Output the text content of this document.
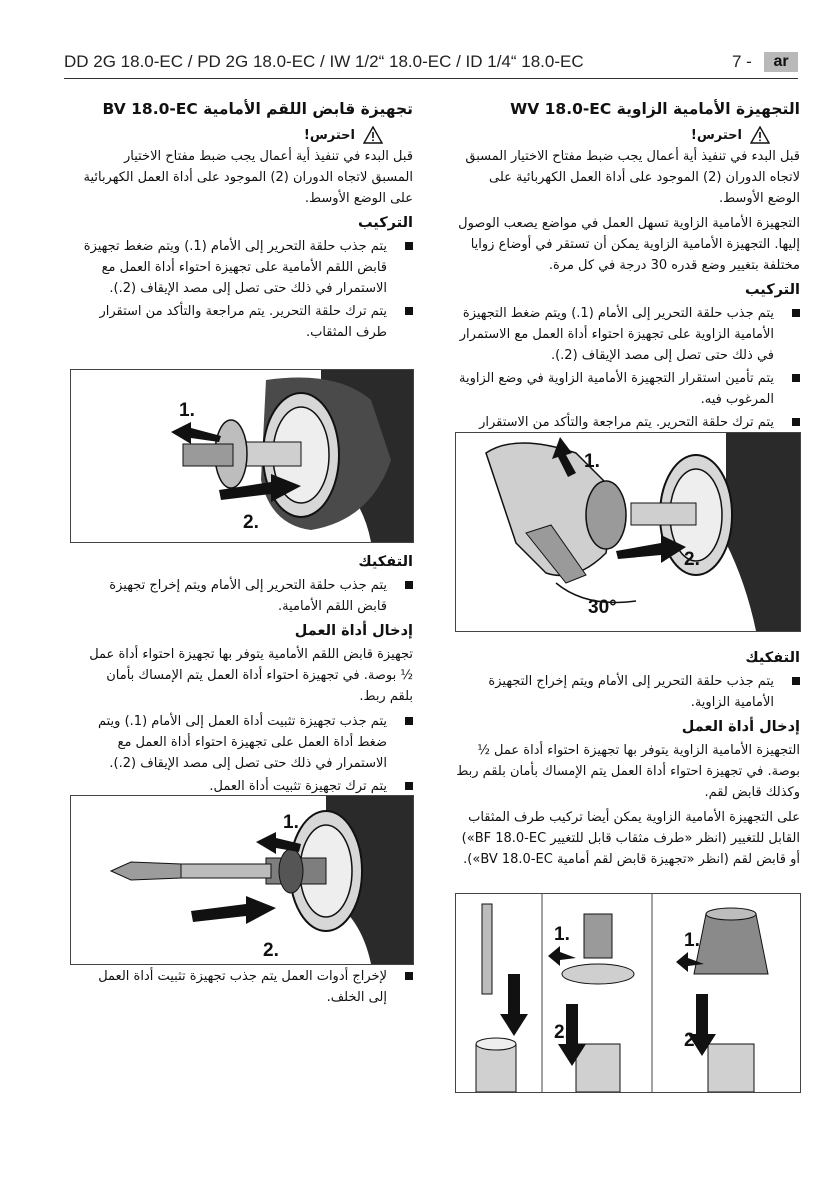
DD 2G 18.0-EC / PD 2G 18.0-EC / IW 1/2“ 18.0-EC / ID 1/4“ 18.0-EC	7 -	ar
تجهيزة قابض اللقم الأمامية BV 18.0-EC
احترس!

قبل البدء في تنفيذ أية أعمال يجب ضبط مفتاح الاختيار المسبق لاتجاه الدوران (2) الموجود على أداة العمل الكهربائية على الوضع الأوسط.

التركيب
يتم جذب حلقة التحرير إلى الأمام (1.) ويتم ضغط تجهيزة قابض اللقم الأمامية على تجهيزة احتواء أداة العمل مع الاستمرار في ذلك حتى تصل إلى مصد الإيقاف (2.).
يتم ترك حلقة التحرير. يتم مراجعة والتأكد من استقرار طرف المثقاب.
1.
2.
التفكيك
يتم جذب حلقة التحرير إلى الأمام ويتم إخراج تجهيزة قابض اللقم الأمامية.
إدخال أداة العمل

تجهيزة قابض اللقم الأمامية يتوفر بها تجهيزة احتواء أداة عمل ½ بوصة. في تجهيزة احتواء أداة العمل يتم الإمساك بأمان بلقم ربط.

يتم جذب تجهيزة تثبيت أداة العمل إلى الأمام (1.) ويتم ضغط أداة العمل على تجهيزة احتواء أداة العمل مع الاستمرار في ذلك حتى تصل إلى مصد الإيقاف (2.).
يتم ترك تجهيزة تثبيت أداة العمل.
1.
2.
لإخراج أدوات العمل يتم جذب تجهيزة تثبيت أداة العمل إلى الخلف.
التجهيزة الأمامية الزاوية WV 18.0-EC
احترس!

قبل البدء في تنفيذ أية أعمال يجب ضبط مفتاح الاختيار المسبق لاتجاه الدوران (2) الموجود على أداة العمل الكهربائية على الوضع الأوسط.

التجهيزة الأمامية الزاوية تسهل العمل في مواضع يصعب الوصول إليها. التجهيزة الأمامية الزاوية يمكن أن تستقر في أوضاع زوايا مختلفة بتغيير وضع قدره 30 درجة في كل مرة.

التركيب
يتم جذب حلقة التحرير إلى الأمام (1.) ويتم ضغط التجهيزة الأمامية الزاوية على تجهيزة احتواء أداة العمل مع الاستمرار في ذلك حتى تصل إلى مصد الإيقاف (2.).
يتم تأمين استقرار التجهيزة الأمامية الزاوية في وضع الزاوية المرغوب فيه.
يتم ترك حلقة التحرير. يتم مراجعة والتأكد من الاستقرار
1.
2.
30°
التفكيك
يتم جذب حلقة التحرير إلى الأمام ويتم إخراج التجهيزة الأمامية الزاوية.
إدخال أداة العمل

التجهيزة الأمامية الزاوية يتوفر بها تجهيزة احتواء أداة عمل ½ بوصة. في تجهيزة احتواء أداة العمل يتم الإمساك بأمان بلقم ربط وكذلك قابض لقم.

على التجهيزة الأمامية الزاوية يمكن أيضا تركيب طرف المثقاب القابل للتغيير (انظر «طرف مثقاب قابل للتغيير BF 18.0-EC») أو قابض لقم (انظر «تجهيزة قابض لقم أمامية BV 18.0-EC»).

1.
2.
1.
2.
